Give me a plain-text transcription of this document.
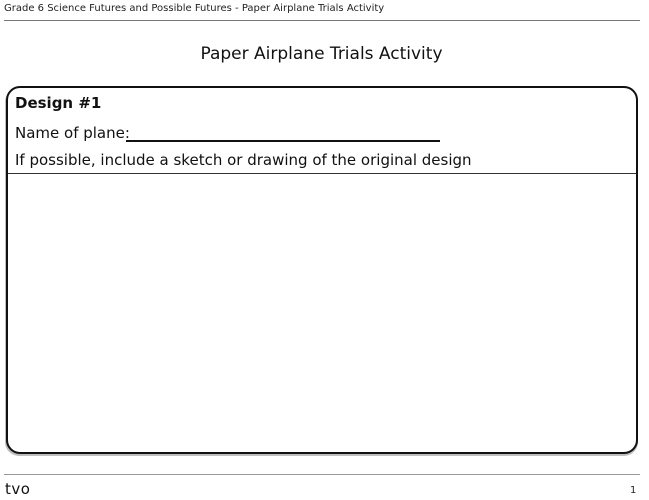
Grade 6 Science Futures and Possible Futures - Paper Airplane Trials Activity
Paper Airplane Trials Activity
Design #1
Name of plane:
If possible, include a sketch or drawing of the original design
tvo	1
